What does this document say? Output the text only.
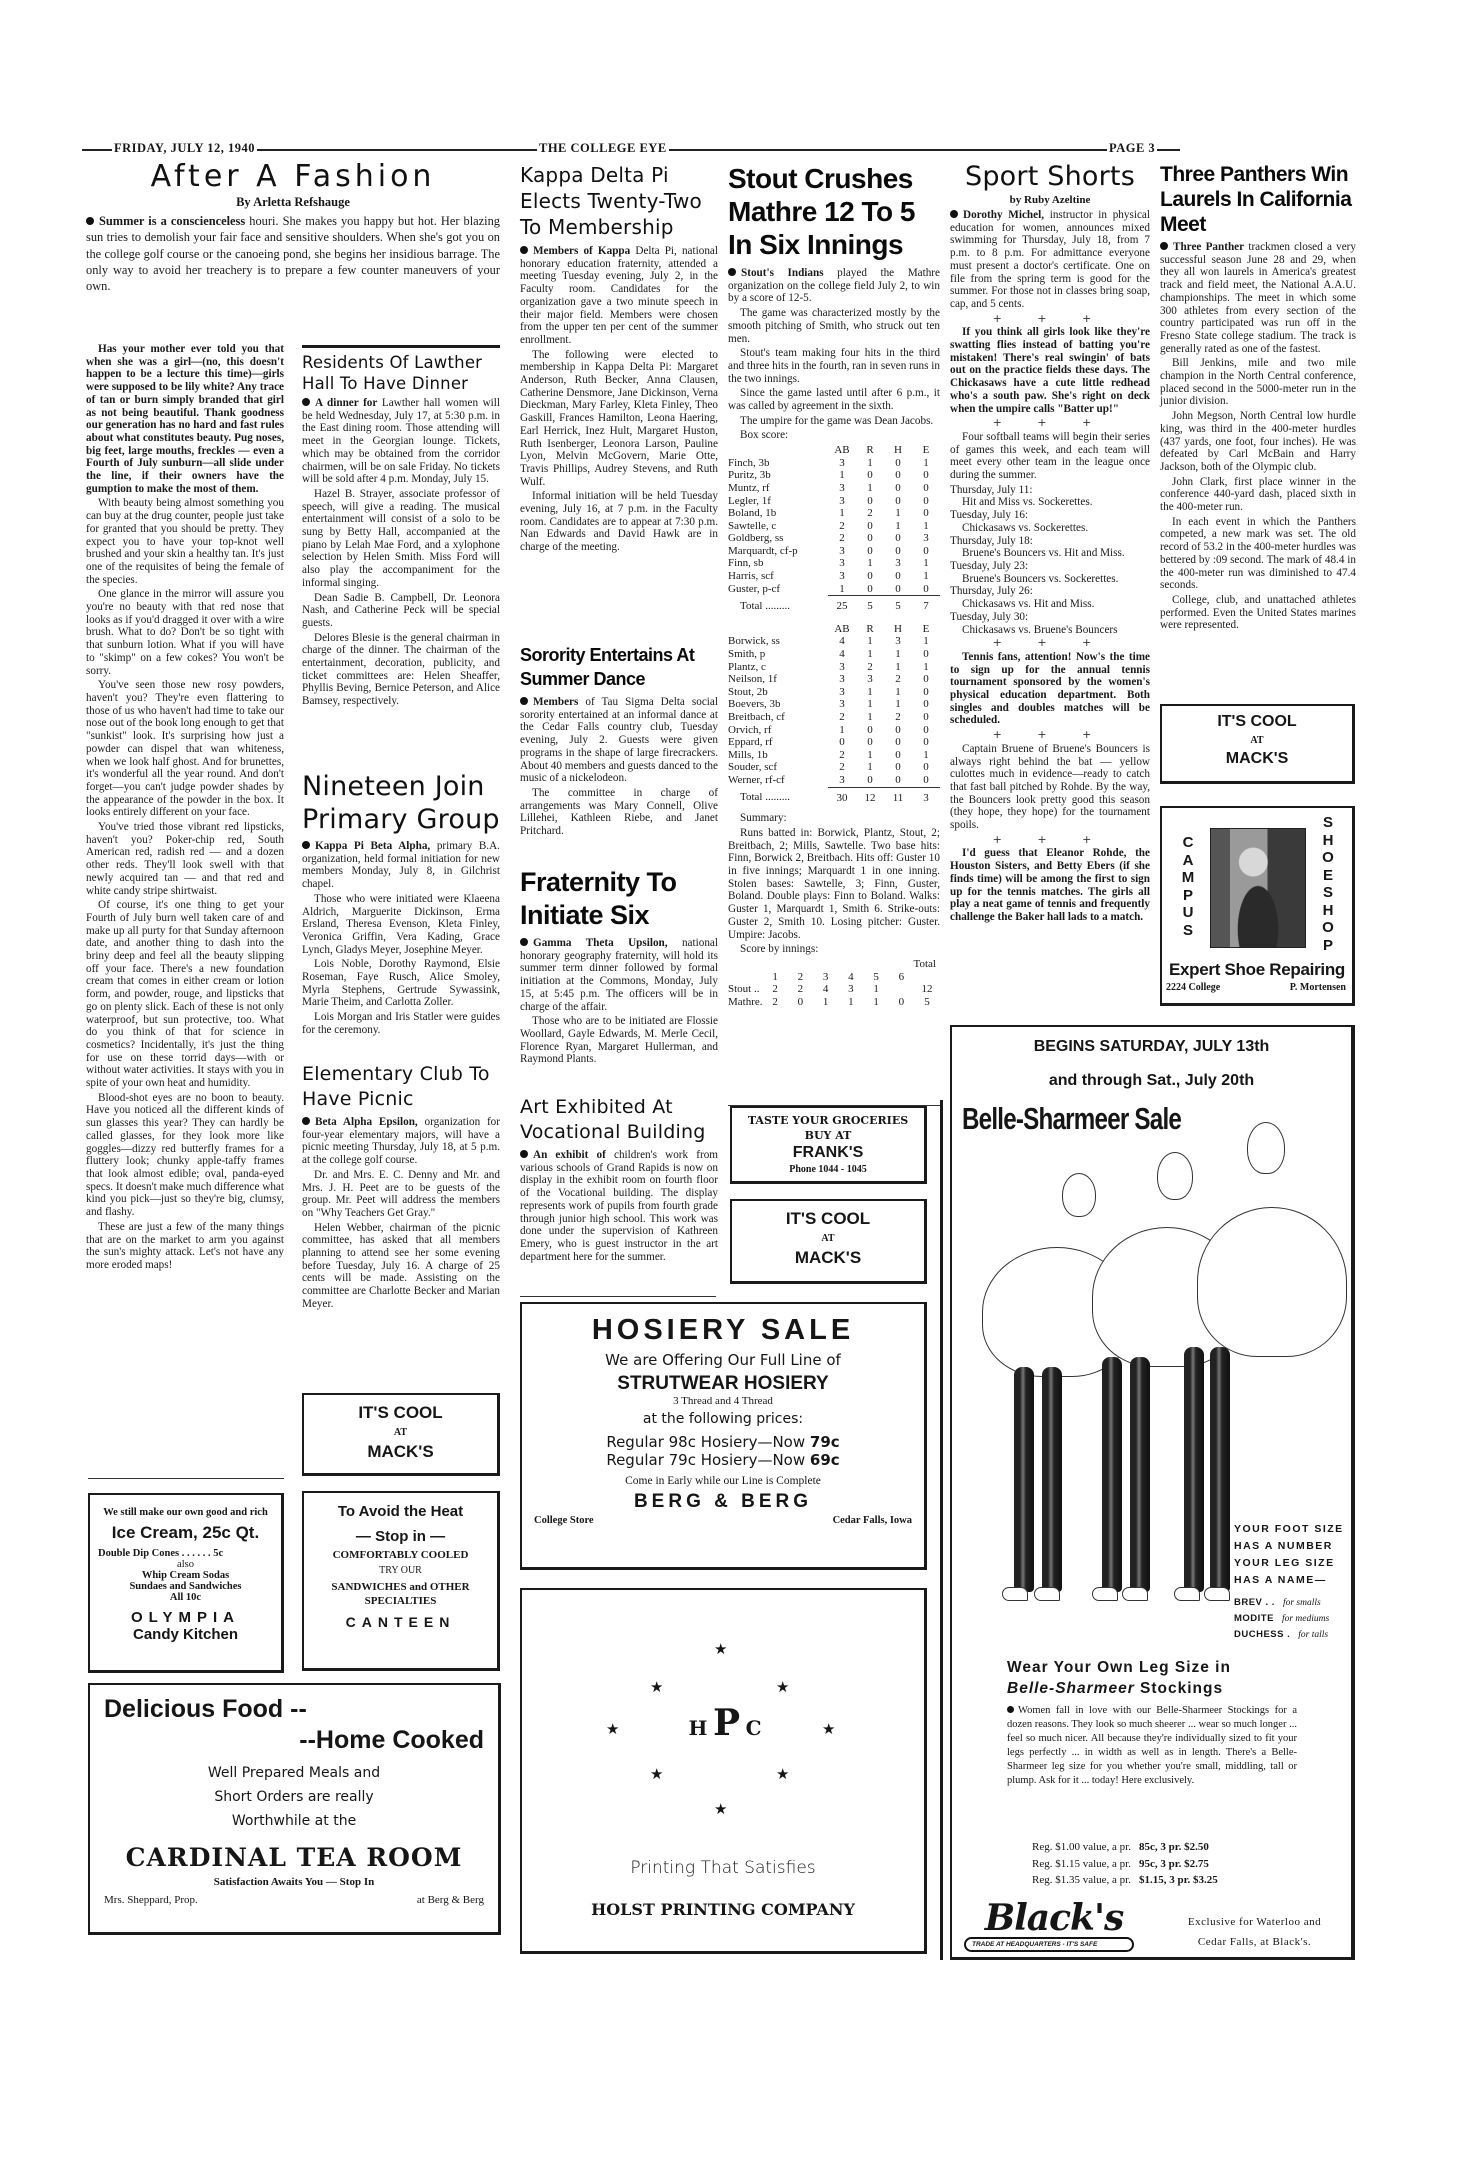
FRIDAY, JULY 12, 1940	THE COLLEGE EYE	PAGE 3
After A Fashion
By Arletta Refshauge

Summer is a conscienceless houri. She makes you happy but hot. Her blazing sun tries to demolish your fair face and sensitive shoulders. When she's got you on the college golf course or the canoeing pond, she begins her insidious barrage. The only way to avoid her treachery is to prepare a few counter maneuvers of your own.

Has your mother ever told you that when she was a girl—(no, this doesn't happen to be a lecture this time)—girls were supposed to be lily white? Any trace of tan or burn simply branded that girl as not being beautiful. Thank goodness our generation has no hard and fast rules about what constitutes beauty. Pug noses, big feet, large mouths, freckles — even a Fourth of July sunburn—all slide under the line, if their owners have the gumption to make the most of them.

With beauty being almost something you can buy at the drug counter, people just take for granted that you should be pretty. They expect you to have your top-knot well brushed and your skin a healthy tan. It's just one of the requisites of being the female of the species.

One glance in the mirror will assure you you're no beauty with that red nose that looks as if you'd dragged it over with a wire brush. What to do? Don't be so tight with that sunburn lotion. What if you will have to "skimp" on a few cokes? You won't be sorry.

You've seen those new rosy powders, haven't you? They're even flattering to those of us who haven't had time to take our nose out of the book long enough to get that "sunkist" look. It's surprising how just a powder can dispel that wan whiteness, when we look half ghost. And for brunettes, it's wonderful all the year round. And don't forget—you can't judge powder shades by the appearance of the powder in the box. It looks entirely different on your face.

You've tried those vibrant red lipsticks, haven't you? Poker-chip red, South American red, radish red — and a dozen other reds. They'll look swell with that newly acquired tan — and that red and white candy stripe shirtwaist.

Of course, it's one thing to get your Fourth of July burn well taken care of and make up all purty for that Sunday afternoon date, and another thing to dash into the briny deep and feel all the beauty slipping off your face. There's a new foundation cream that comes in either cream or lotion form, and powder, rouge, and lipsticks that go on plenty slick. Each of these is not only waterproof, but sun protective, too. What do you think of that for science in cosmetics? Incidentally, it's just the thing for use on these torrid days—with or without water activities. It stays with you in spite of your own heat and humidity.

Blood-shot eyes are no boon to beauty. Have you noticed all the different kinds of sun glasses this year? They can hardly be called glasses, for they look more like goggles—dizzy red butterfly frames for a fluttery look; chunky apple-taffy frames that look almost edible; oval, panda-eyed specs. It doesn't make much difference what kind you pick—just so they're big, clumsy, and flashy.

These are just a few of the many things that are on the market to arm you against the sun's mighty attack. Let's not have any more eroded maps!

Residents Of Lawther Hall To Have Dinner

A dinner for Lawther hall women will be held Wednesday, July 17, at 5:30 p.m. in the East dining room. Those attending will meet in the Georgian lounge. Tickets, which may be obtained from the corridor chairmen, will be on sale Friday. No tickets will be sold after 4 p.m. Monday, July 15.

Hazel B. Strayer, associate professor of speech, will give a reading. The musical entertainment will consist of a solo to be sung by Betty Hall, accompanied at the piano by Lelah Mae Ford, and a xylophone selection by Helen Smith. Miss Ford will also play the accompaniment for the informal singing.

Dean Sadie B. Campbell, Dr. Leonora Nash, and Catherine Peck will be special guests.

Delores Blesie is the general chairman in charge of the dinner. The chairman of the entertainment, decoration, publicity, and ticket committees are: Helen Sheaffer, Phyllis Beving, Bernice Peterson, and Alice Bamsey, respectively.

Nineteen Join Primary Group

Kappa Pi Beta Alpha, primary B.A. organization, held formal initiation for new members Monday, July 8, in Gilchrist chapel.

Those who were initiated were Klaeena Aldrich, Marguerite Dickinson, Erma Ersland, Theresa Evenson, Kleta Finley, Veronica Griffin, Vera Kading, Grace Lynch, Gladys Meyer, Josephine Meyer.

Lois Noble, Dorothy Raymond, Elsie Roseman, Faye Rusch, Alice Smoley, Myrla Stephens, Gertrude Sywassink, Marie Theim, and Carlotta Zoller.

Lois Morgan and Iris Statler were guides for the ceremony.

Elementary Club To Have Picnic

Beta Alpha Epsilon, organization for four-year elementary majors, will have a picnic meeting Thursday, July 18, at 5 p.m. at the college golf course.

Dr. and Mrs. E. C. Denny and Mr. and Mrs. J. H. Peet are to be guests of the group. Mr. Peet will address the members on "Why Teachers Get Gray."

Helen Webber, chairman of the picnic committee, has asked that all members planning to attend see her some evening before Tuesday, July 16. A charge of 25 cents will be made. Assisting on the committee are Charlotte Becker and Marian Meyer.

IT'S COOL
AT
MACK'S
We still make our own good and rich
Ice Cream, 25c Qt.
Double Dip Cones . . . . . . 5c
also
Whip Cream Sodas
Sundaes and Sandwiches
All 10c
OLYMPIA
Candy Kitchen
To Avoid the Heat
— Stop in —
COMFORTABLY COOLED
TRY OUR
SANDWICHES and OTHER SPECIALTIES
CANTEEN
Delicious Food --
--Home Cooked
Well Prepared Meals and
Short Orders are really
Worthwhile at the
CARDINAL TEA ROOM
Satisfaction Awaits You — Stop In
Mrs. Sheppard, Prop.	at Berg & Berg
Kappa Delta Pi Elects Twenty-Two To Membership

Members of Kappa Delta Pi, national honorary education fraternity, attended a meeting Tuesday evening, July 2, in the Faculty room. Candidates for the organization gave a two minute speech in their major field. Members were chosen from the upper ten per cent of the summer enrollment.

The following were elected to membership in Kappa Delta Pi: Margaret Anderson, Ruth Becker, Anna Clausen, Catherine Densmore, Jane Dickinson, Verna Dieckman, Mary Farley, Kleta Finley, Theo Gaskill, Frances Hamilton, Leona Haering, Earl Herrick, Inez Hult, Margaret Huston, Ruth Isenberger, Leonora Larson, Pauline Lyon, Melvin McGovern, Marie Otte, Travis Phillips, Audrey Stevens, and Ruth Wulf.

Informal initiation will be held Tuesday evening, July 16, at 7 p.m. in the Faculty room. Candidates are to appear at 7:30 p.m. Nan Edwards and David Hawk are in charge of the meeting.

Sorority Entertains At Summer Dance

Members of Tau Sigma Delta social sorority entertained at an informal dance at the Cedar Falls country club, Tuesday evening, July 2. Guests were given programs in the shape of large firecrackers. About 40 members and guests danced to the music of a nickelodeon.

The committee in charge of arrangements was Mary Connell, Olive Lillehei, Kathleen Riebe, and Janet Pritchard.

Fraternity To Initiate Six

Gamma Theta Upsilon, national honorary geography fraternity, will hold its summer term dinner followed by formal initiation at the Commons, Monday, July 15, at 5:45 p.m. The officers will be in charge of the affair.

Those who are to be initiated are Flossie Woollard, Gayle Edwards, M. Merle Cecil, Florence Ryan, Margaret Hullerman, and Raymond Plants.

Art Exhibited At Vocational Building

An exhibit of children's work from various schools of Grand Rapids is now on display in the exhibit room on fourth floor of the Vocational building. The display represents work of pupils from fourth grade through junior high school. This work was done under the supervision of Kathreen Emery, who is guest instructor in the art department here for the summer.

Stout Crushes Mathre 12 To 5 In Six Innings

Stout's Indians played the Mathre organization on the college field July 2, to win by a score of 12-5.

The game was characterized mostly by the smooth pitching of Smith, who struck out ten men.

Stout's team making four hits in the third and three hits in the fourth, ran in seven runs in the two innings.

Since the game lasted until after 6 p.m., it was called by agreement in the sixth.

The umpire for the game was Dean Jacobs.

Box score:

	AB	R	H	E
Finch, 3b	3	1	0	1
Puritz, 3b	1	0	0	0
Muntz, rf	3	1	0	0
Legler, 1f	3	0	0	0
Boland, 1b	1	2	1	0
Sawtelle, c	2	0	1	1
Goldberg, ss	2	0	0	3
Marquardt, cf-p	3	0	0	0
Finn, sb	3	1	3	1
Harris, scf	3	0	0	1
Guster, p-cf	1	0	0	0
Total .........	25	5	5	7
	AB	R	H	E
Borwick, ss	4	1	3	1
Smith, p	4	1	1	0
Plantz, c	3	2	1	1
Neilson, 1f	3	3	2	0
Stout, 2b	3	1	1	0
Boevers, 3b	3	1	1	0
Breitbach, cf	2	1	2	0
Orvich, rf	1	0	0	0
Eppard, rf	0	0	0	0
Mills, 1b	2	1	0	1
Souder, scf	2	1	0	0
Werner, rf-cf	3	0	0	0
Total .........	30	12	11	3

Summary:

Runs batted in: Borwick, Plantz, Stout, 2; Breitbach, 2; Mills, Sawtelle. Two base hits: Finn, Borwick 2, Breitbach. Hits off: Guster 10 in five innings; Marquardt 1 in one inning. Stolen bases: Sawtelle, 3; Finn, Guster, Boland. Double plays: Finn to Boland. Walks: Guster 1, Marquardt 1, Smith 6. Strike-outs: Guster 2, Smith 10. Losing pitcher: Guster. Umpire: Jacobs.

Score by innings:

Total
	1	2	3	4	5	6	
Stout ..	2	2	4	3	1		12
Mathre.	2	0	1	1	1	0	5
TASTE YOUR GROCERIES
BUY AT
FRANK'S
Phone 1044 - 1045
IT'S COOL
AT
MACK'S
HOSIERY SALE
We are Offering Our Full Line of
STRUTWEAR HOSIERY
3 Thread and 4 Thread
at the following prices:
Regular 98c Hosiery—Now 79c
Regular 79c Hosiery—Now 69c
Come in Early while our Line is Complete
BERG & BERG
College Store	Cedar Falls, Iowa
★
★	★
★	★
★	★
★
H P C
Printing That Satisfies
HOLST PRINTING COMPANY
Sport Shorts
by Ruby Azeltine

Dorothy Michel, instructor in physical education for women, announces mixed swimming for Thursday, July 18, from 7 p.m. to 8 p.m. For admittance everyone must present a doctor's certificate. One on file from the spring term is good for the summer. For those not in classes bring soap, cap, and 5 cents.

+ + +

If you think all girls look like they're swatting flies instead of batting you're mistaken! There's real swingin' of bats out on the practice fields these days. The Chickasaws have a cute little redhead who's a south paw. She's right on deck when the umpire calls "Batter up!"

+ + +

Four softball teams will begin their series of games this week, and each team will meet every other team in the league once during the summer.

Thursday, July 11:
Hit and Miss vs. Sockerettes.
Tuesday, July 16:
Chickasaws vs. Sockerettes.
Thursday, July 18:
Bruene's Bouncers vs. Hit and Miss.
Tuesday, July 23:
Bruene's Bouncers vs. Sockerettes.
Thursday, July 26:
Chickasaws vs. Hit and Miss.
Tuesday, July 30:
Chickasaws vs. Bruene's Bouncers
+ + +

Tennis fans, attention! Now's the time to sign up for the annual tennis tournament sponsored by the women's physical education department. Both singles and doubles matches will be scheduled.

+ + +

Captain Bruene of Bruene's Bouncers is always right behind the bat — yellow culottes much in evidence—ready to catch that fast ball pitched by Rohde. By the way, the Bouncers look pretty good this season (they hope, they hope) for the tournament spoils.

+ + +

I'd guess that Eleanor Rohde, the Houston Sisters, and Betty Ebers (if she finds time) will be among the first to sign up for the tennis matches. The girls all play a neat game of tennis and frequently challenge the Baker hall lads to a match.

Three Panthers Win Laurels In California Meet

Three Panther trackmen closed a very successful season June 28 and 29, when they all won laurels in America's greatest track and field meet, the National A.A.U. championships. The meet in which some 300 athletes from every section of the country participated was run off in the Fresno State college stadium. The track is generally rated as one of the fastest.

Bill Jenkins, mile and two mile champion in the North Central conference, placed second in the 5000-meter run in the junior division.

John Megson, North Central low hurdle king, was third in the 400-meter hurdles (437 yards, one foot, four inches). He was defeated by Carl McBain and Harry Jackson, both of the Olympic club.

John Clark, first place winner in the conference 440-yard dash, placed sixth in the 400-meter run.

In each event in which the Panthers competed, a new mark was set. The old record of 53.2 in the 400-meter hurdles was bettered by :09 second. The mark of 48.4 in the 400-meter run was diminished to 47.4 seconds.

College, club, and unattached athletes performed. Even the United States marines were represented.

IT'S COOL
AT
MACK'S
CAMPUS
SHOESHOP
Expert Shoe Repairing
2224 College	P. Mortensen
BEGINS SATURDAY, JULY 13th
and through Sat., July 20th
Belle-Sharmeer Sale
YOUR FOOT SIZE
HAS A NUMBER
YOUR LEG SIZE
HAS A NAME—
BREV . . for smalls
MODITE for mediums
DUCHESS . for talls
Wear Your Own Leg Size in
Belle-Sharmeer Stockings
Women fall in love with our Belle-Sharmeer Stockings for a dozen reasons. They look so much sheerer ... wear so much longer ... feel so much nicer. All because they're individually sized to fit your legs perfectly ... in width as well as in length. There's a Belle-Sharmeer leg size for you whether you're small, middling, tall or plump. Ask for it ... today! Here exclusively.
Reg. $1.00 value, a pr. 85c, 3 pr. $2.50
Reg. $1.15 value, a pr. 95c, 3 pr. $2.75
Reg. $1.35 value, a pr. $1.15, 3 pr. $3.25
Black's
TRADE AT HEADQUARTERS - IT'S SAFE
Exclusive for Waterloo and
Cedar Falls, at Black's.
